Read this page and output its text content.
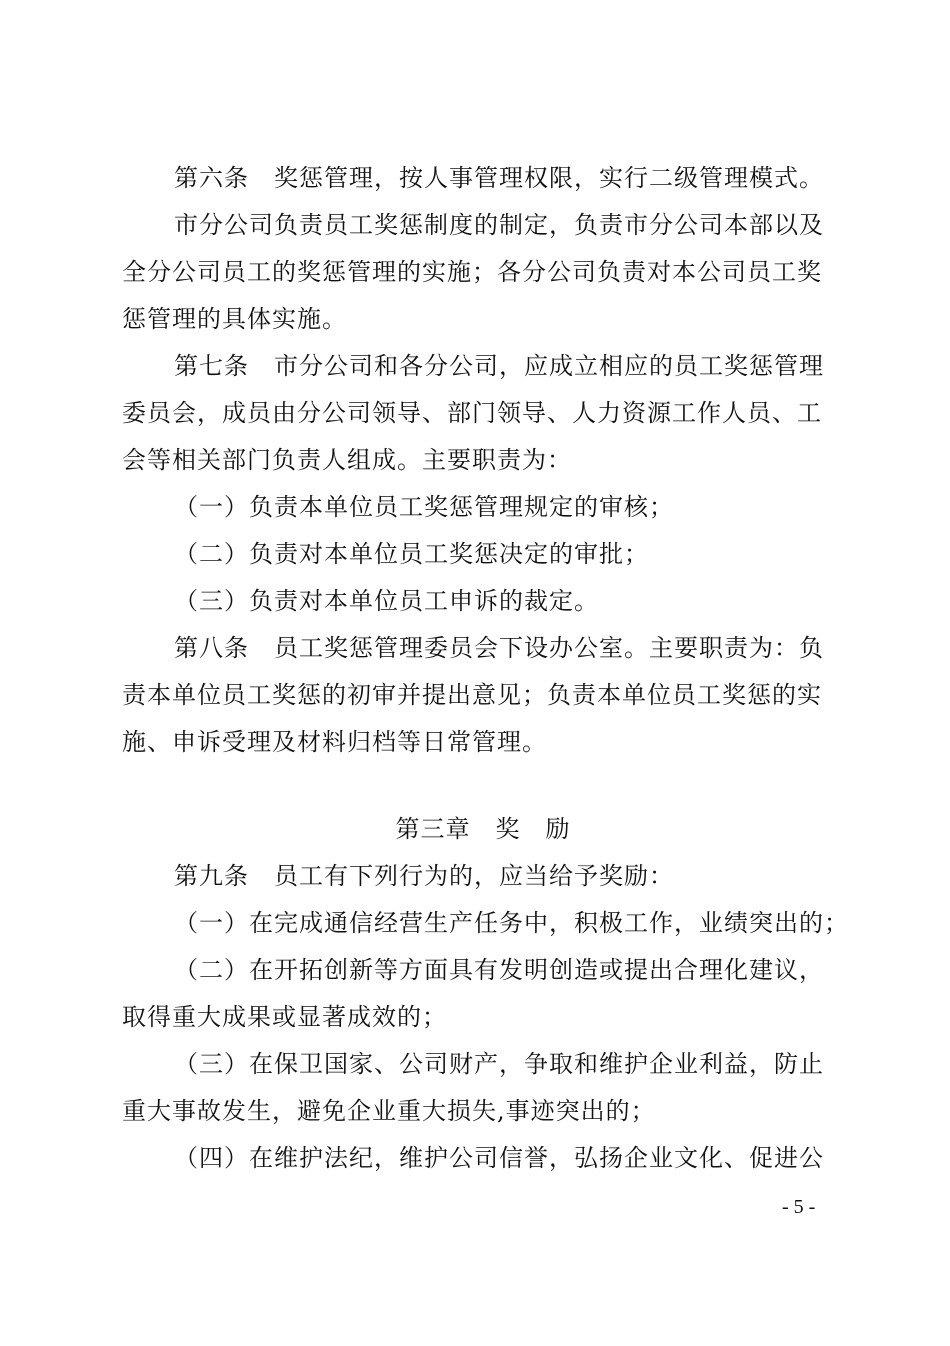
第六条　奖惩管理，按人事管理权限，实行二级管理模式。
市分公司负责员工奖惩制度的制定，负责市分公司本部以及
全分公司员工的奖惩管理的实施；各分公司负责对本公司员工奖
惩管理的具体实施。
第七条　市分公司和各分公司，应成立相应的员工奖惩管理
委员会，成员由分公司领导、部门领导、人力资源工作人员、工
会等相关部门负责人组成。主要职责为：
（一）负责本单位员工奖惩管理规定的审核；
（二）负责对本单位员工奖惩决定的审批；
（三）负责对本单位员工申诉的裁定。
第八条　员工奖惩管理委员会下设办公室。主要职责为：负
责本单位员工奖惩的初审并提出意见；负责本单位员工奖惩的实
施、申诉受理及材料归档等日常管理。
第三章　奖　励
第九条　员工有下列行为的，应当给予奖励：
（一）在完成通信经营生产任务中，积极工作，业绩突出的；
（二）在开拓创新等方面具有发明创造或提出合理化建议，
取得重大成果或显著成效的；
（三）在保卫国家、公司财产，争取和维护企业利益，防止
重大事故发生，避免企业重大损失,事迹突出的；
（四）在维护法纪，维护公司信誉，弘扬企业文化、促进公
- 5 -
